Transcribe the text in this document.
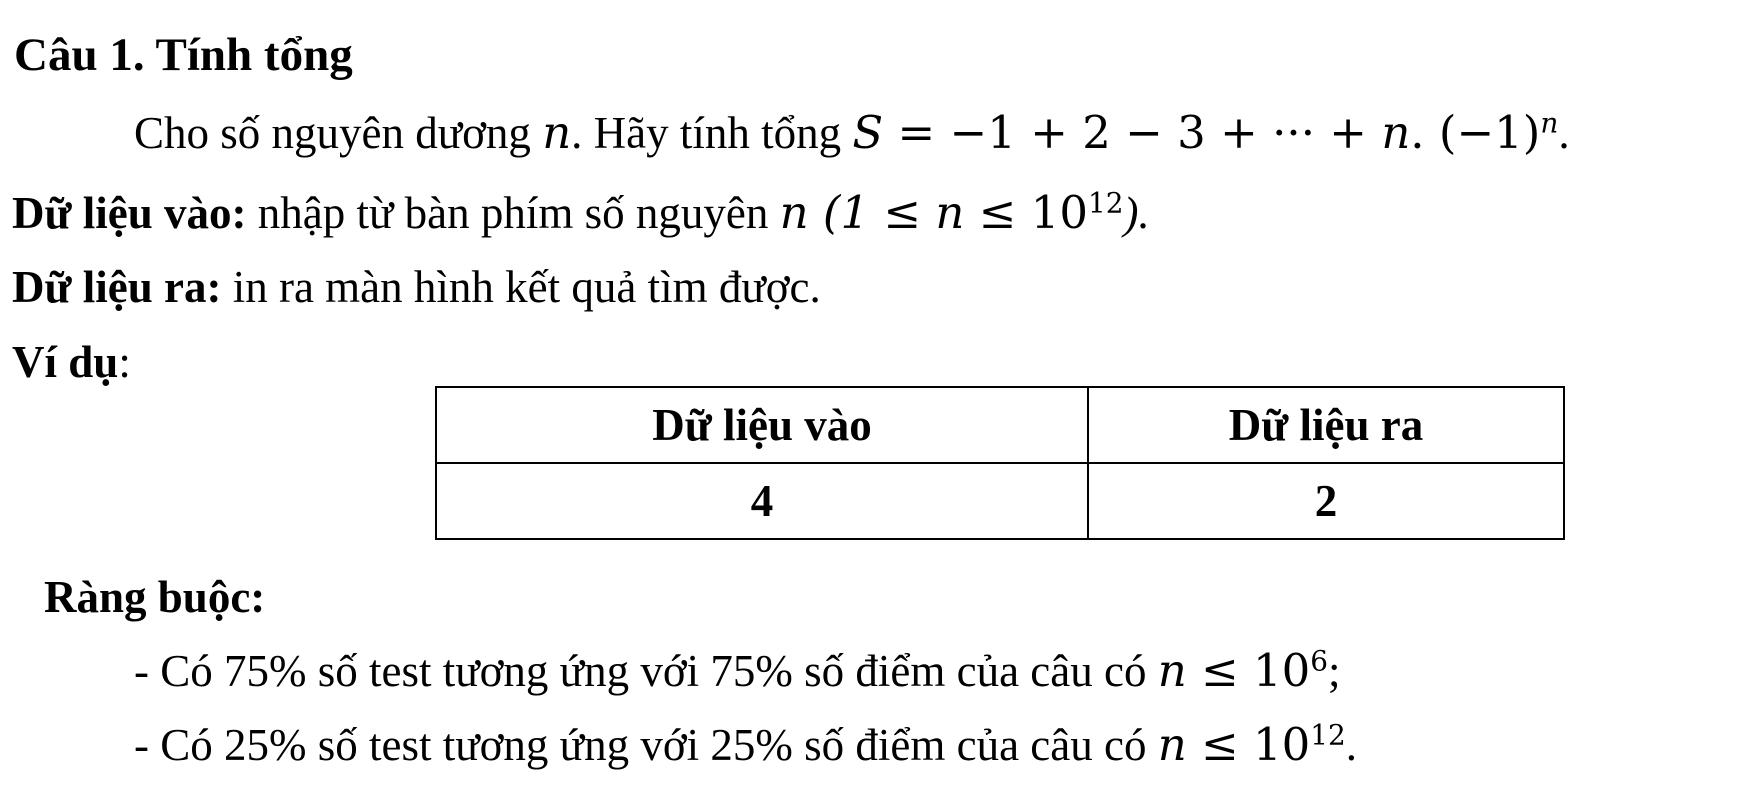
Câu 1. Tính tổng
Cho số nguyên dương n. Hãy tính tổng S = −1 + 2 − 3 + ··· + n. $(-1)^n$.
Dữ liệu vào: nhập từ bàn phím số nguyên n $(1 \le n \le 10^{12})$.
Dữ liệu ra: in ra màn hình kết quả tìm được.
Ví dụ:
Dữ liệu vào	Dữ liệu ra
4	2
Ràng buộc:
- Có 75% số test tương ứng với 75% số điểm của câu có $n \le 10^6$;
- Có 25% số test tương ứng với 25% số điểm của câu có $n \le 10^{12}$.
